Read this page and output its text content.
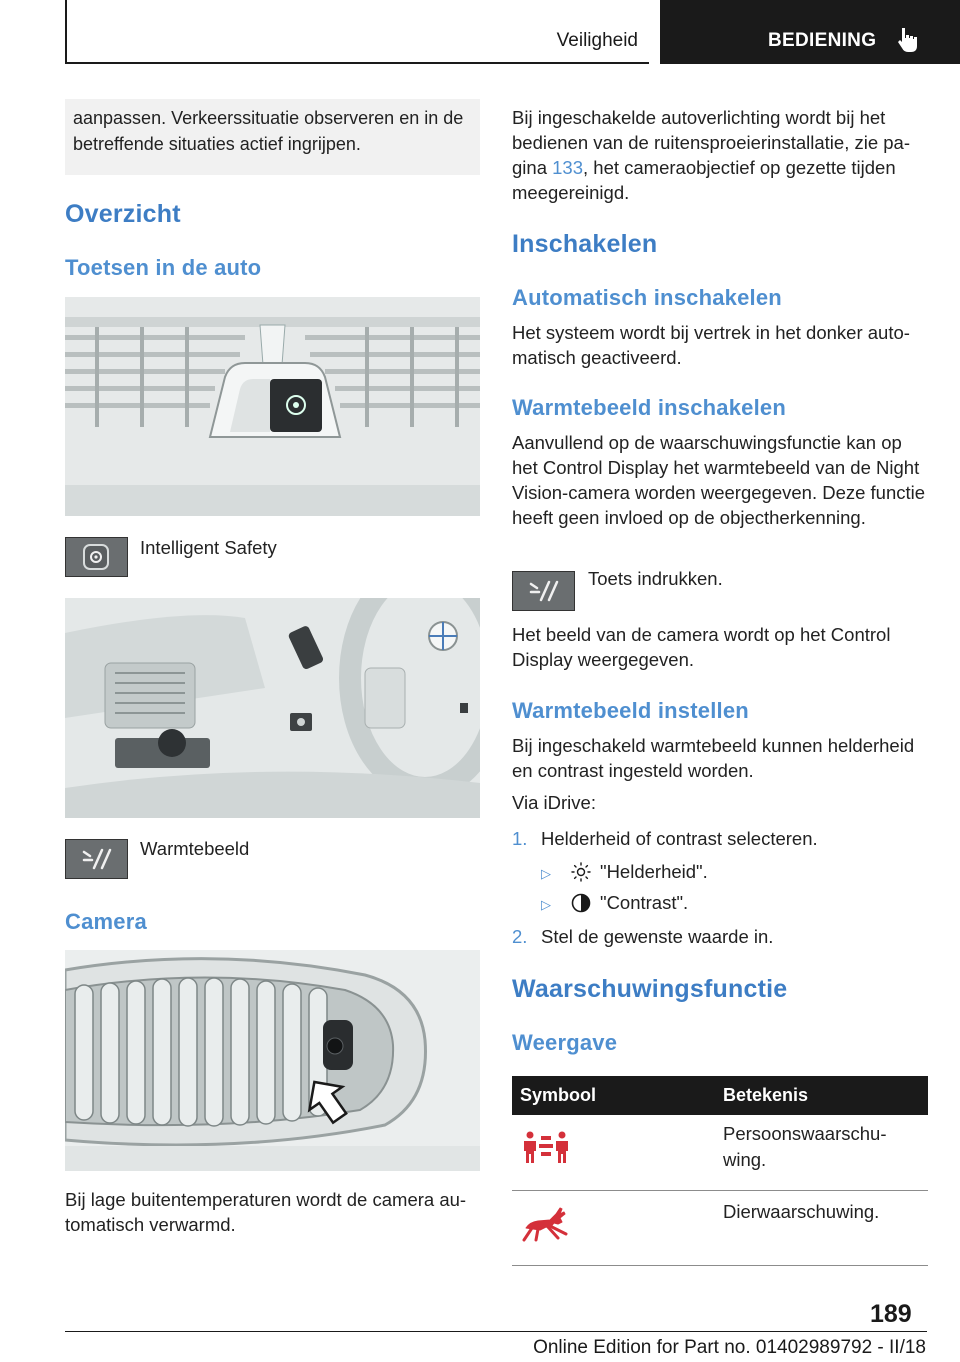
Veiligheid	BEDIENING
aanpassen. Verkeerssituatie observeren en in de betreffende situaties actief ingrijpen.
Overzicht
Toetsen in de auto
Intelligent Safety
Warmtebeeld
Camera
Bij lage buitentemperaturen wordt de camera automatisch verwarmd.
Bij ingeschakelde autoverlichting wordt bij het bedienen van de ruitensproeierinstallatie, zie pagina 133, het cameraobjectief op gezette tijden meegereinigd.
Inschakelen
Automatisch inschakelen
Het systeem wordt bij vertrek in het donker automatisch geactiveerd.
Warmtebeeld inschakelen
Aanvullend op de waarschuwingsfunctie kan op het Control Display het warmtebeeld van de Night Vision-camera worden weergegeven. Deze functie heeft geen invloed op de objectherkenning.
Toets indrukken.
Het beeld van de camera wordt op het Control Display weergegeven.
Warmtebeeld instellen
Bij ingeschakeld warmtebeeld kunnen helderheid en contrast ingesteld worden.
Via iDrive:
1. Helderheid of contrast selecteren.
▷	"Helderheid".
▷	"Contrast".
2. Stel de gewenste waarde in.
Waarschuwingsfunctie
Weergave
Symbool	Betekenis
Persoonswaarschuwing.
Dierwaarschuwing.
189
Online Edition for Part no. 01402989792 - II/18
